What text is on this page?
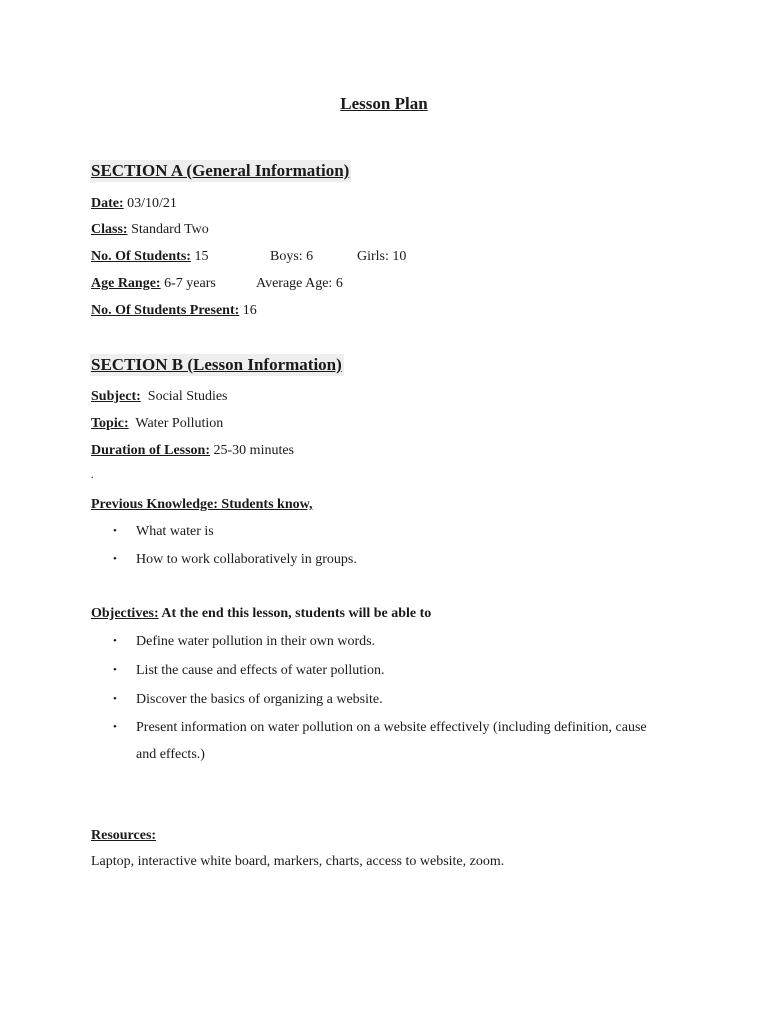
Lesson Plan
SECTION A (General Information)
Date: 03/10/21
Class: Standard Two
No. Of Students: 15	Boys: 6	Girls: 10
Age Range: 6-7 years	Average Age: 6
No. Of Students Present: 16
SECTION B (Lesson Information)
Subject:  Social Studies
Topic:  Water Pollution
Duration of Lesson: 25-30 minutes
.
Previous Knowledge: Students know,
• What water is
• How to work collaboratively in groups.
Objectives: At the end this lesson, students will be able to
• Define water pollution in their own words.
• List the cause and effects of water pollution.
• Discover the basics of organizing a website.
• Present information on water pollution on a website effectively (including definition, cause and effects.)
Resources:
Laptop, interactive white board, markers, charts, access to website, zoom.
